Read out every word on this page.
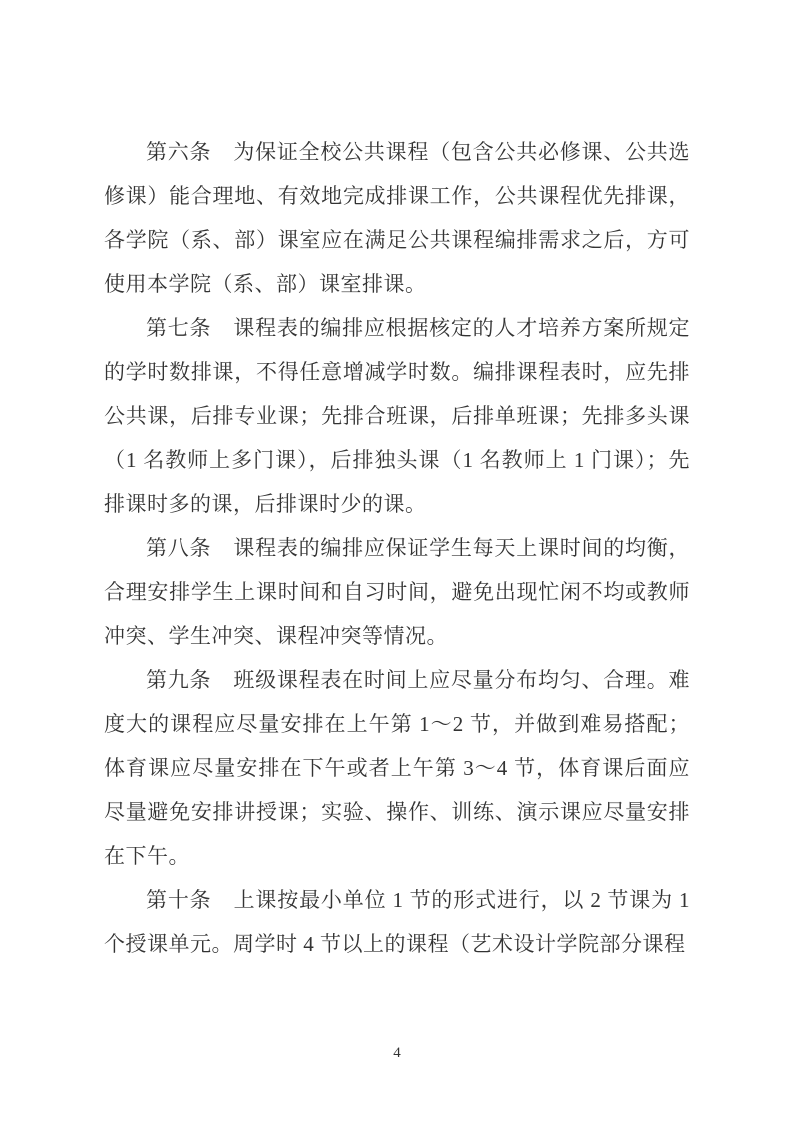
第六条 为保证全校公共课程（包含公共必修课、公共选修课）能合理地、有效地完成排课工作，公共课程优先排课，各学院（系、部）课室应在满足公共课程编排需求之后，方可使用本学院（系、部）课室排课。

第七条 课程表的编排应根据核定的人才培养方案所规定的学时数排课，不得任意增减学时数。编排课程表时，应先排公共课，后排专业课；先排合班课，后排单班课；先排多头课（1 名教师上多门课），后排独头课（1 名教师上 1 门课）；先排课时多的课，后排课时少的课。

第八条 课程表的编排应保证学生每天上课时间的均衡，合理安排学生上课时间和自习时间，避免出现忙闲不均或教师冲突、学生冲突、课程冲突等情况。

第九条 班级课程表在时间上应尽量分布均匀、合理。难度大的课程应尽量安排在上午第 1～2 节，并做到难易搭配；体育课应尽量安排在下午或者上午第 3～4 节，体育课后面应尽量避免安排讲授课；实验、操作、训练、演示课应尽量安排在下午。

第十条 上课按最小单位 1 节的形式进行，以 2 节课为 1 个授课单元。周学时 4 节以上的课程（艺术设计学院部分课程

4
